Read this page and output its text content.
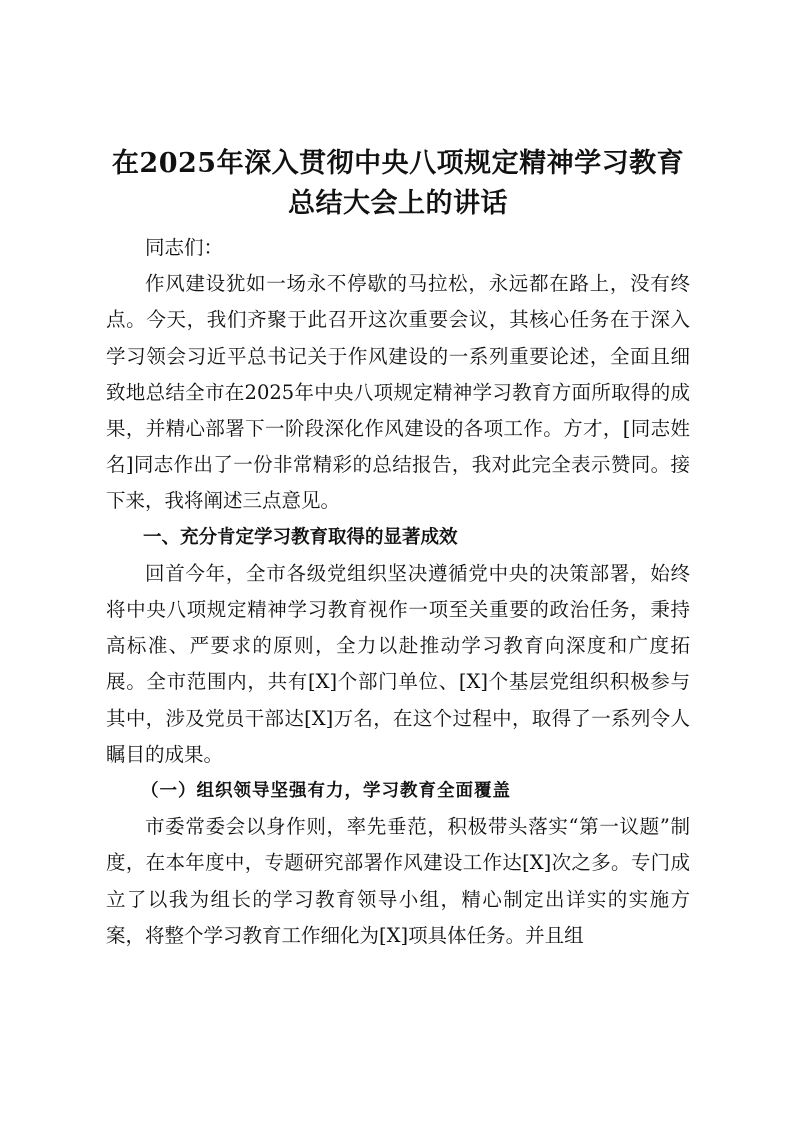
在2025年深入贯彻中央八项规定精神学习教育总结大会上的讲话

同志们：

作风建设犹如一场永不停歇的马拉松，永远都在路上，没有终点。今天，我们齐聚于此召开这次重要会议，其核心任务在于深入学习领会习近平总书记关于作风建设的一系列重要论述，全面且细致地总结全市在2025年中央八项规定精神学习教育方面所取得的成果，并精心部署下一阶段深化作风建设的各项工作。方才，[同志姓名]同志作出了一份非常精彩的总结报告，我对此完全表示赞同。接下来，我将阐述三点意见。

一、充分肯定学习教育取得的显著成效

回首今年，全市各级党组织坚决遵循党中央的决策部署，始终将中央八项规定精神学习教育视作一项至关重要的政治任务，秉持高标准、严要求的原则，全力以赴推动学习教育向深度和广度拓展。全市范围内，共有[X]个部门单位、[X]个基层党组织积极参与其中，涉及党员干部达[X]万名，在这个过程中，取得了一系列令人瞩目的成果。

（一）组织领导坚强有力，学习教育全面覆盖

市委常委会以身作则，率先垂范，积极带头落实“第一议题”制度，在本年度中，专题研究部署作风建设工作达[X]次之多。专门成立了以我为组长的学习教育领导小组，精心制定出详实的实施方案，将整个学习教育工作细化为[X]项具体任务。并且组
